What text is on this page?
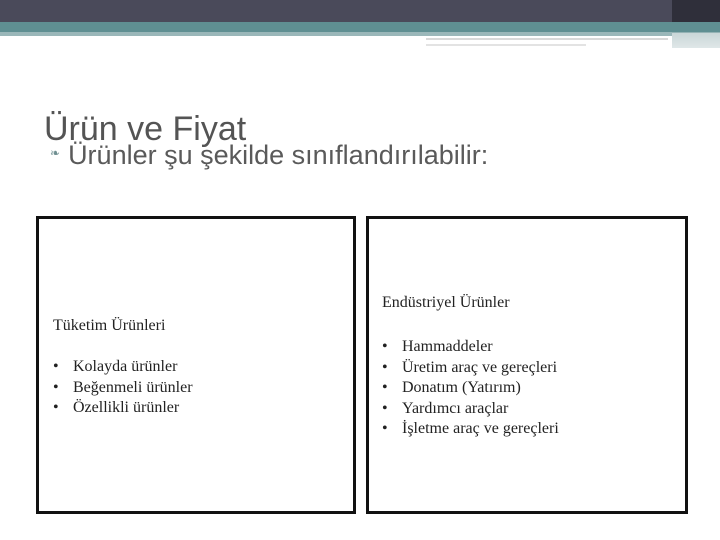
Ürün ve Fiyat
❧ Ürünler şu şekilde sınıflandırılabilir:
Tüketim Ürünleri
• Kolayda ürünler
• Beğenmeli ürünler
• Özellikli ürünler
Endüstriyel Ürünler
• Hammaddeler
• Üretim araç ve gereçleri
• Donatım (Yatırım)
• Yardımcı araçlar
• İşletme araç ve gereçleri
